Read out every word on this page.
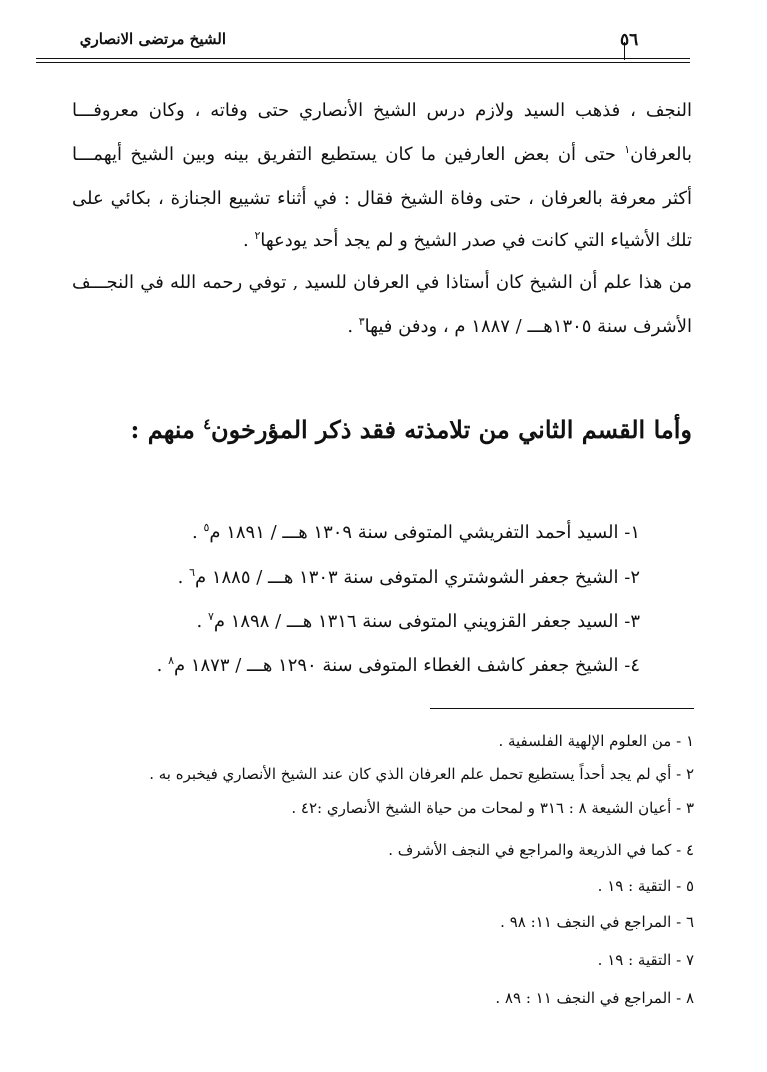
الشيخ مرتضى الانصاري	٥٦
النجف ، فذهب السيد ولازم درس الشيخ الأنصاري حتى وفاته ، وكان معروفـــا
بالعرفان$^١$ حتى أن بعض العارفين ما كان يستطيع التفريق بينه وبين الشيخ أيهمـــا
أكثر معرفة بالعرفان ، حتى وفاة الشيخ فقال : في أثناء تشييع الجنازة ، بكائي على
تلك الأشياء التي كانت في صدر الشيخ و لم يجد أحد يودعها$^٢$ .
من هذا علم أن الشيخ كان أستاذا في العرفان للسيد , توفي رحمه الله في النجـــف
الأشرف سنة ١٣٠٥هـــ / ١٨٨٧ م ، ودفن فيها$^٣$ .
وأما القسم الثاني من تلامذته فقد ذكر المؤرخون$^٤$ منهم :
١- السيد أحمد التفريشي المتوفى سنة ١٣٠٩ هـــ / ١٨٩١ م$^٥$ .
٢- الشيخ جعفر الشوشتري المتوفى سنة ١٣٠٣ هـــ / ١٨٨٥ م$^٦$ .
٣- السيد جعفر القزويني المتوفى سنة ١٣١٦ هـــ / ١٨٩٨ م$^٧$ .
٤- الشيخ جعفر كاشف الغطاء المتوفى سنة ١٢٩٠ هـــ / ١٨٧٣ م$^٨$ .
١ - من العلوم الإلهية الفلسفية .
٢ - أي لم يجد أحداً يستطيع تحمل علم العرفان الذي كان عند الشيخ الأنصاري فيخبره به .
٣ - أعيان الشيعة ٨ : ٣١٦ و لمحات من حياة الشيخ الأنصاري :٤٢ .
٤ - كما في الذريعة والمراجع في النجف الأشرف .
٥ - التقية : ١٩ .
٦ - المراجع في النجف ١١: ٩٨ .
٧ - التقية : ١٩ .
٨ - المراجع في النجف ١١ : ٨٩ .
